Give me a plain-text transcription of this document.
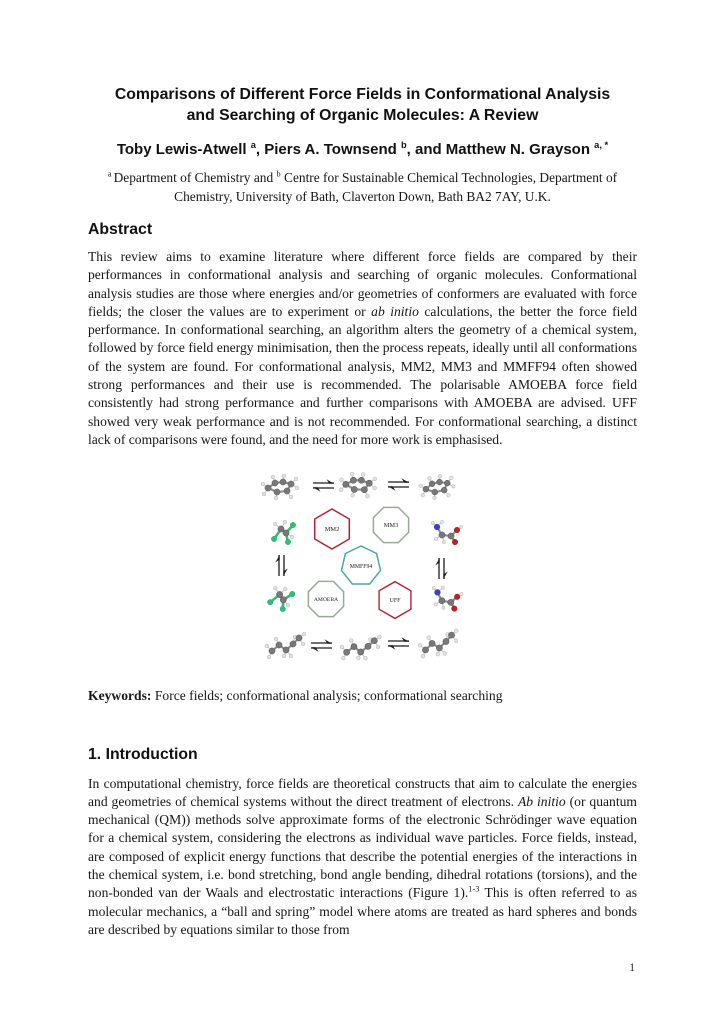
Comparisons of Different Force Fields in Conformational Analysis
and Searching of Organic Molecules: A Review
Toby Lewis-Atwell $^a$, Piers A. Townsend $^b$, and Matthew N. Grayson $^{a, *}$
$^a$ Department of Chemistry and $^b$ Centre for Sustainable Chemical Technologies, Department of Chemistry, University of Bath, Claverton Down, Bath BA2 7AY, U.K.
Abstract

This review aims to examine literature where different force fields are compared by their performances in conformational analysis and searching of organic molecules. Conformational analysis studies are those where energies and/or geometries of conformers are evaluated with force fields; the closer the values are to experiment or ab initio calculations, the better the force field performance. In conformational searching, an algorithm alters the geometry of a chemical system, followed by force field energy minimisation, then the process repeats, ideally until all conformations of the system are found. For conformational analysis, MM2, MM3 and MMFF94 often showed strong performances and their use is recommended. The polarisable AMOEBA force field consistently had strong performance and further comparisons with AMOEBA are advised. UFF showed very weak performance and is not recommended. For conformational searching, a distinct lack of comparisons were found, and the need for more work is emphasised.

MM2
MM3
MMFF94
AMOEBA	UFF

Keywords: Force fields; conformational analysis; conformational searching

1. Introduction

In computational chemistry, force fields are theoretical constructs that aim to calculate the energies and geometries of chemical systems without the direct treatment of electrons. Ab initio (or quantum mechanical (QM)) methods solve approximate forms of the electronic Schrödinger wave equation for a chemical system, considering the electrons as individual wave particles. Force fields, instead, are composed of explicit energy functions that describe the potential energies of the interactions in the chemical system, i.e. bond stretching, bond angle bending, dihedral rotations (torsions), and the non-bonded van der Waals and electrostatic interactions (Figure 1).$^{1-3}$ This is often referred to as molecular mechanics, a “ball and spring” model where atoms are treated as hard spheres and bonds are described by equations similar to those from

1
